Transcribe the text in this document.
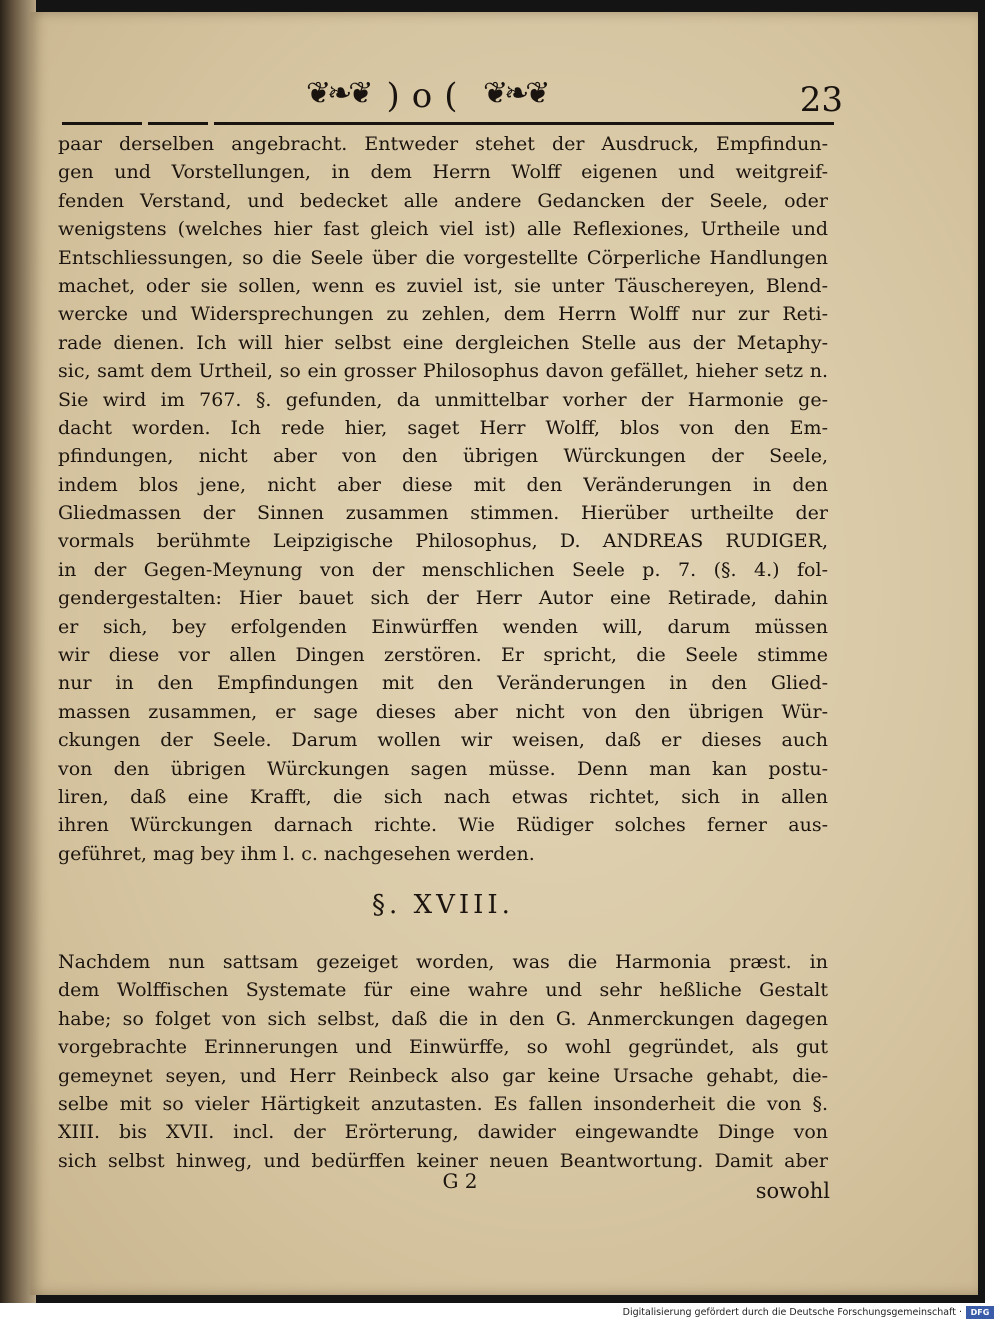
❦❧❦ )o( ❦❧❦	23
paar derselben angebracht. Entweder stehet der Ausdruck, Empfindun-
gen und Vorstellungen, in dem Herrn Wolff eigenen und weitgreif-
fenden Verstand, und bedecket alle andere Gedancken der Seele, oder
wenigstens (welches hier fast gleich viel ist) alle Reflexiones, Urtheile und
Entschliessungen, so die Seele über die vorgestellte Cörperliche Handlungen
machet, oder sie sollen, wenn es zuviel ist, sie unter Täuschereyen, Blend-
wercke und Widersprechungen zu zehlen, dem Herrn Wolff nur zur Reti-
rade dienen. Ich will hier selbst eine dergleichen Stelle aus der Metaphy-
sic, samt dem Urtheil, so ein grosser Philosophus davon gefället, hieher setz n.
Sie wird im 767. §. gefunden, da unmittelbar vorher der Harmonie ge-
dacht worden. Ich rede hier, saget Herr Wolff, blos von den Em-
pfindungen, nicht aber von den übrigen Würckungen der Seele,
indem blos jene, nicht aber diese mit den Veränderungen in den
Gliedmassen der Sinnen zusammen stimmen. Hierüber urtheilte der
vormals berühmte Leipzigische Philosophus, D. ANDREAS RUDIGER,
in der Gegen-Meynung von der menschlichen Seele p. 7. (§. 4.) fol-
gendergestalten: Hier bauet sich der Herr Autor eine Retirade, dahin
er sich, bey erfolgenden Einwürffen wenden will, darum müssen
wir diese vor allen Dingen zerstören. Er spricht, die Seele stimme
nur in den Empfindungen mit den Veränderungen in den Glied-
massen zusammen, er sage dieses aber nicht von den übrigen Wür-
ckungen der Seele. Darum wollen wir weisen, daß er dieses auch
von den übrigen Würckungen sagen müsse. Denn man kan postu-
liren, daß eine Krafft, die sich nach etwas richtet, sich in allen
ihren Würckungen darnach richte. Wie Rüdiger solches ferner aus-
geführet, mag bey ihm l. c. nachgesehen werden.
§. XVIII.
Nachdem nun sattsam gezeiget worden, was die Harmonia præst. in
dem Wolffischen Systemate für eine wahre und sehr heßliche Gestalt
habe; so folget von sich selbst, daß die in den G. Anmerckungen dagegen
vorgebrachte Erinnerungen und Einwürffe, so wohl gegründet, als gut
gemeynet seyen, und Herr Reinbeck also gar keine Ursache gehabt, die-
selbe mit so vieler Härtigkeit anzutasten. Es fallen insonderheit die von §.
XIII. bis XVII. incl. der Erörterung, dawider eingewandte Dinge von
sich selbst hinweg, und bedürffen keiner neuen Beantwortung. Damit aber
G 2	sowohl
Digitalisierung gefördert durch die Deutsche Forschungsgemeinschaft ·	DFG
